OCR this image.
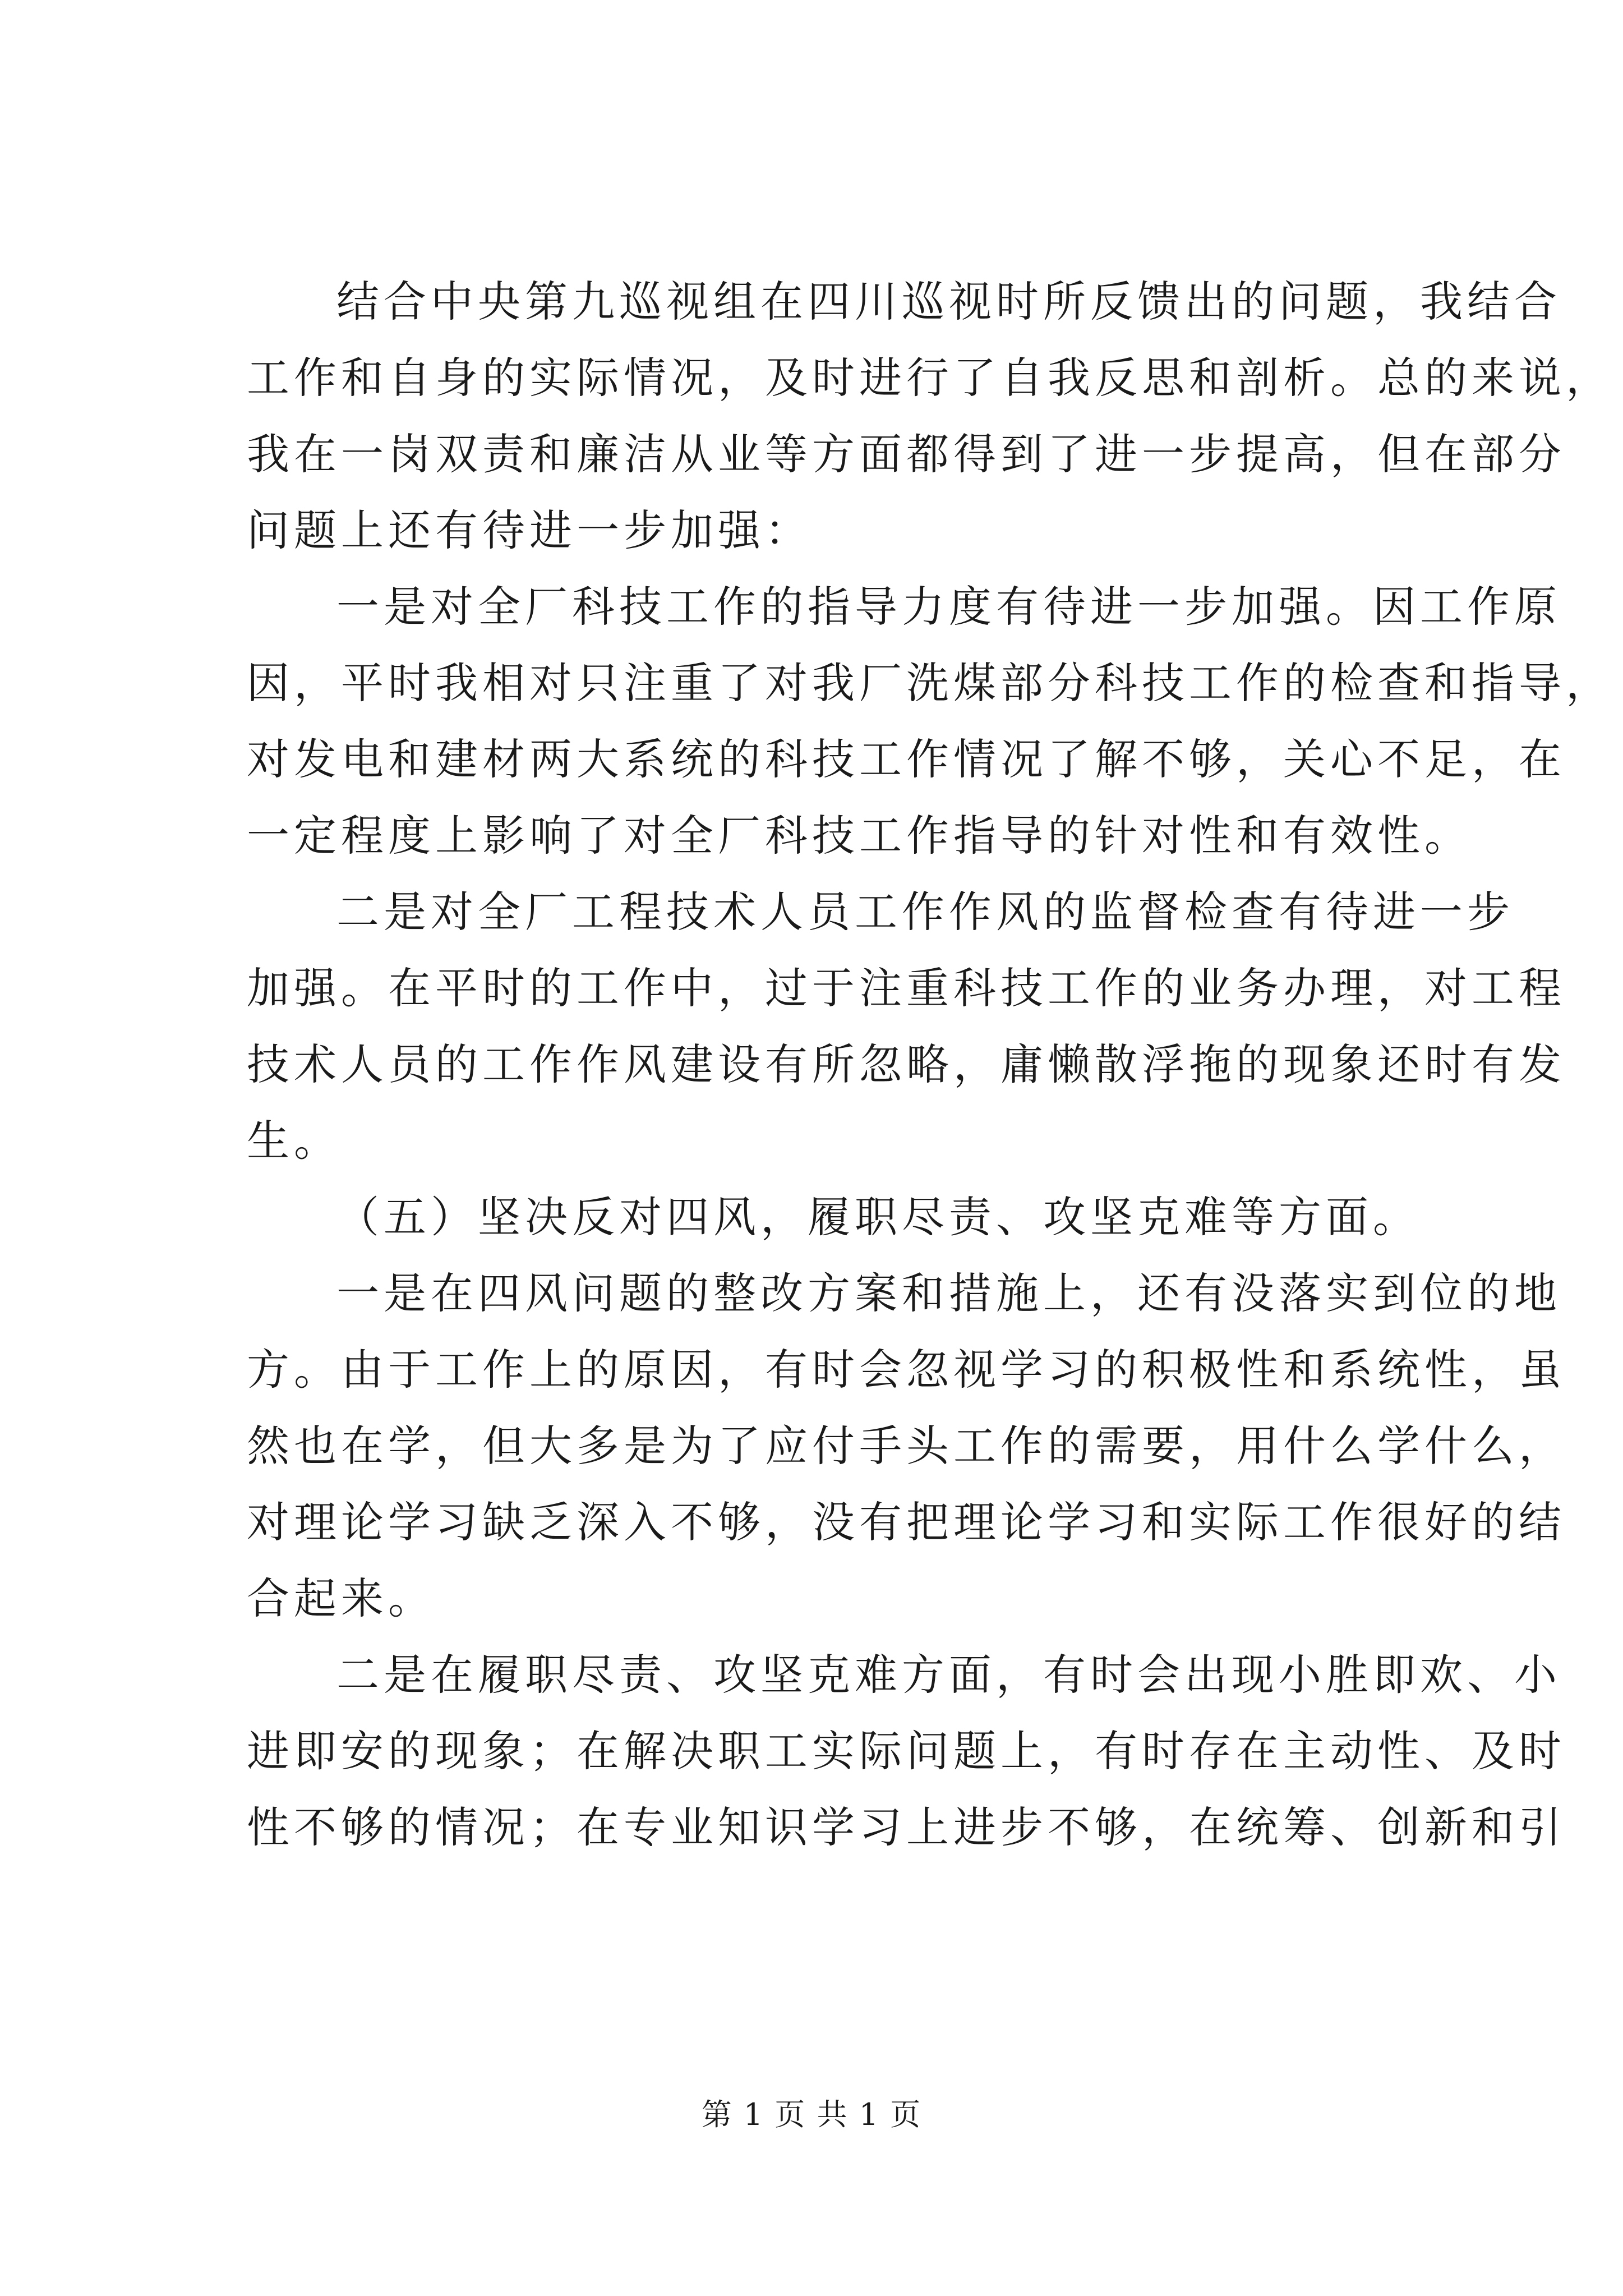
结合中央第九巡视组在四川巡视时所反馈出的问题，我结合
工作和自身的实际情况，及时进行了自我反思和剖析。总的来说，
我在一岗双责和廉洁从业等方面都得到了进一步提高，但在部分
问题上还有待进一步加强：
一是对全厂科技工作的指导力度有待进一步加强。因工作原
因，平时我相对只注重了对我厂洗煤部分科技工作的检查和指导，
对发电和建材两大系统的科技工作情况了解不够，关心不足，在
一定程度上影响了对全厂科技工作指导的针对性和有效性。
二是对全厂工程技术人员工作作风的监督检查有待进一步
加强。在平时的工作中，过于注重科技工作的业务办理，对工程
技术人员的工作作风建设有所忽略，庸懒散浮拖的现象还时有发
生。
（五）坚决反对四风，履职尽责、攻坚克难等方面。
一是在四风问题的整改方案和措施上，还有没落实到位的地
方。由于工作上的原因，有时会忽视学习的积极性和系统性，虽
然也在学，但大多是为了应付手头工作的需要，用什么学什么，
对理论学习缺乏深入不够，没有把理论学习和实际工作很好的结
合起来。
二是在履职尽责、攻坚克难方面，有时会出现小胜即欢、小
进即安的现象；在解决职工实际问题上，有时存在主动性、及时
性不够的情况；在专业知识学习上进步不够，在统筹、创新和引
第 1 页 共 1 页
